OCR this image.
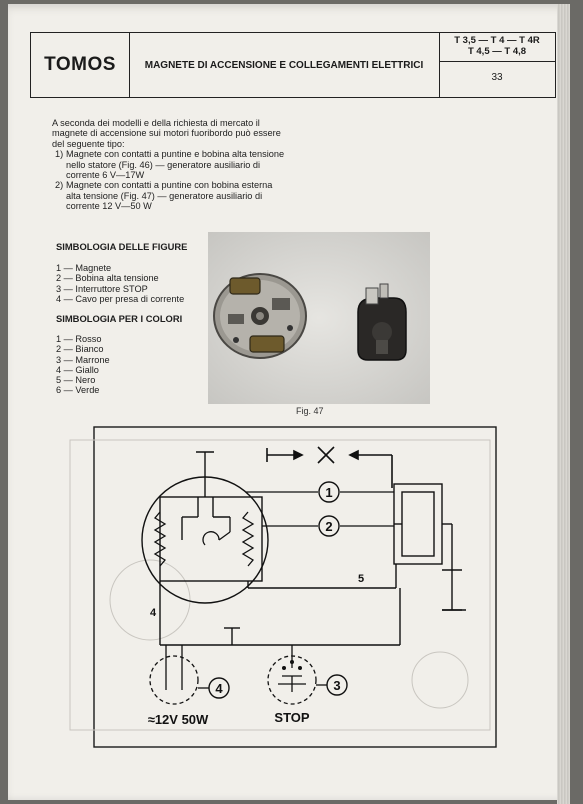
TOMOS	MAGNETE DI ACCENSIONE E COLLEGAMENTI ELETTRICI
T 3,5 — T 4 — T 4R
T 4,5 — T 4,8
33

A seconda dei modelli e della richiesta di mercato il magnete di accensione sui motori fuoribordo può essere del seguente tipo:

1) Magnete con contatti a puntine e bobina alta tensione nello statore (Fig. 46) — generatore ausiliario di corrente 6 V—17W
2) Magnete con contatti a puntine con bobina esterna alta tensione (Fig. 47) — generatore ausiliario di corrente 12 V—50 W
SIMBOLOGIA DELLE FIGURE
1 — Magnete
2 — Bobina alta tensione
3 — Interruttore STOP
4 — Cavo per presa di corrente
SIMBOLOGIA PER I COLORI
1 — Rosso
2 — Bianco
3 — Marrone
4 — Giallo
5 — Nero
6 — Verde
Fig. 47
1
2
3
4
5
4
≈12V 50W	STOP
